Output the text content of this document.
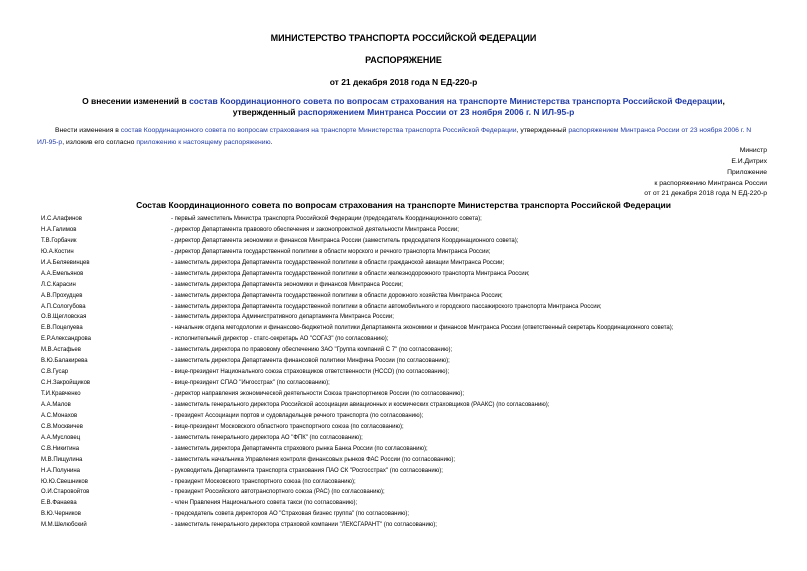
МИНИСТЕРСТВО ТРАНСПОРТА РОССИЙСКОЙ ФЕДЕРАЦИИ
РАСПОРЯЖЕНИЕ
от 21 декабря 2018 года N ЕД-220-р
О внесении изменений в состав Координационного совета по вопросам страхования на транспорте Министерства транспорта Российской Федерации,
утвержденный распоряжением Минтранса России от 23 ноября 2006 г. N ИЛ-95-р
Внести изменения в состав Координационного совета по вопросам страхования на транспорте Министерства транспорта Российской Федерации, утвержденный распоряжением Минтранса России от 23 ноября 2006 г. N ИЛ-95-р, изложив его согласно приложению к настоящему распоряжению.
Министр
Е.И.Дитрих
Приложение
к распоряжению Минтранса России
от от 21 декабря 2018 года N ЕД-220-р
Состав Координационного совета по вопросам страхования на транспорте Министерства транспорта Российской Федерации
И.С.Алафинов	- первый заместитель Министра транспорта Российской Федерации (председатель Координационного совета);
Н.А.Галимов	- директор Департамента правового обеспечения и законопроектной деятельности Минтранса России;
Т.В.Горбачик	- директор Департамента экономики и финансов Минтранса России (заместитель председателя Координационного совета);
Ю.А.Костин	- директор Департамента государственной политики в области морского и речного транспорта Минтранса России;
И.А.Беляевинцев	- заместитель директора Департамента государственной политики в области гражданской авиации Минтранса России;
А.А.Емельянов	- заместитель директора Департамента государственной политики в области железнодорожного транспорта Минтранса России;
Л.С.Карасин	- заместитель директора Департамента экономики и финансов Минтранса России;
А.В.Прохудцев	- заместитель директора Департамента государственной политики в области дорожного хозяйства Минтранса России;
А.П.Сологубова	- заместитель директора Департамента государственной политики в области автомобильного и городского пассажирского транспорта Минтранса России;
О.В.Щегловская	- заместитель директора Административного департамента Минтранса России;
Е.В.Поцелуева	- начальник отдела методологии и финансово-бюджетной политики Департамента экономики и финансов Минтранса России (ответственный секретарь Координационного совета);
Е.Р.Александрова	- исполнительный директор - статс-секретарь АО "СОГАЗ" (по согласованию);
М.В.Астафьев	- заместитель директора по правовому обеспечению ЗАО "Группа компаний С 7" (по согласованию);
В.Ю.Балакирева	- заместитель директора Департамента финансовой политики Минфина России (по согласованию);
С.В.Гусар	- вице-президент Национального союза страховщиков ответственности (НССО) (по согласованию);
С.Н.Закройщиков	- вице-президент СПАО "Ингосстрах" (по согласованию);
Т.И.Кравченко	- директор направления экономической деятельности Союза транспортников России (по согласованию);
А.А.Малов	- заместитель генерального директора Российской ассоциации авиационных и космических страховщиков (РААКС) (по согласованию);
А.С.Монахов	- президент Ассоциации портов и судовладельцев речного транспорта (по согласованию);
С.В.Москвичев	- вице-президент Московского областного транспортного союза (по согласованию);
А.А.Мусловец	- заместитель генерального директора АО "ФПК" (по согласованию);
С.В.Никитина	- заместитель директора Департамента страхового рынка Банка России (по согласованию);
М.В.Пищулина	- заместитель начальника Управления контроля финансовых рынков ФАС России (по согласованию);
Н.А.Полунина	- руководитель Департамента транспорта страхования ПАО СК "Росгосстрах" (по согласованию);
Ю.Ю.Свешников	- президент Московского транспортного союза (по согласованию);
О.И.Старовойтов	- президент Российского автотранспортного союза (РАС) (по согласованию);
Е.В.Фанаева	- член Правления Национального совета такси (по согласованию);
В.Ю.Черников	- председатель совета директоров АО "Страховая бизнес группа" (по согласованию);
М.М.Шелюбский	- заместитель генерального директора страховой компании "ЛЕКСГАРАНТ" (по согласованию);
